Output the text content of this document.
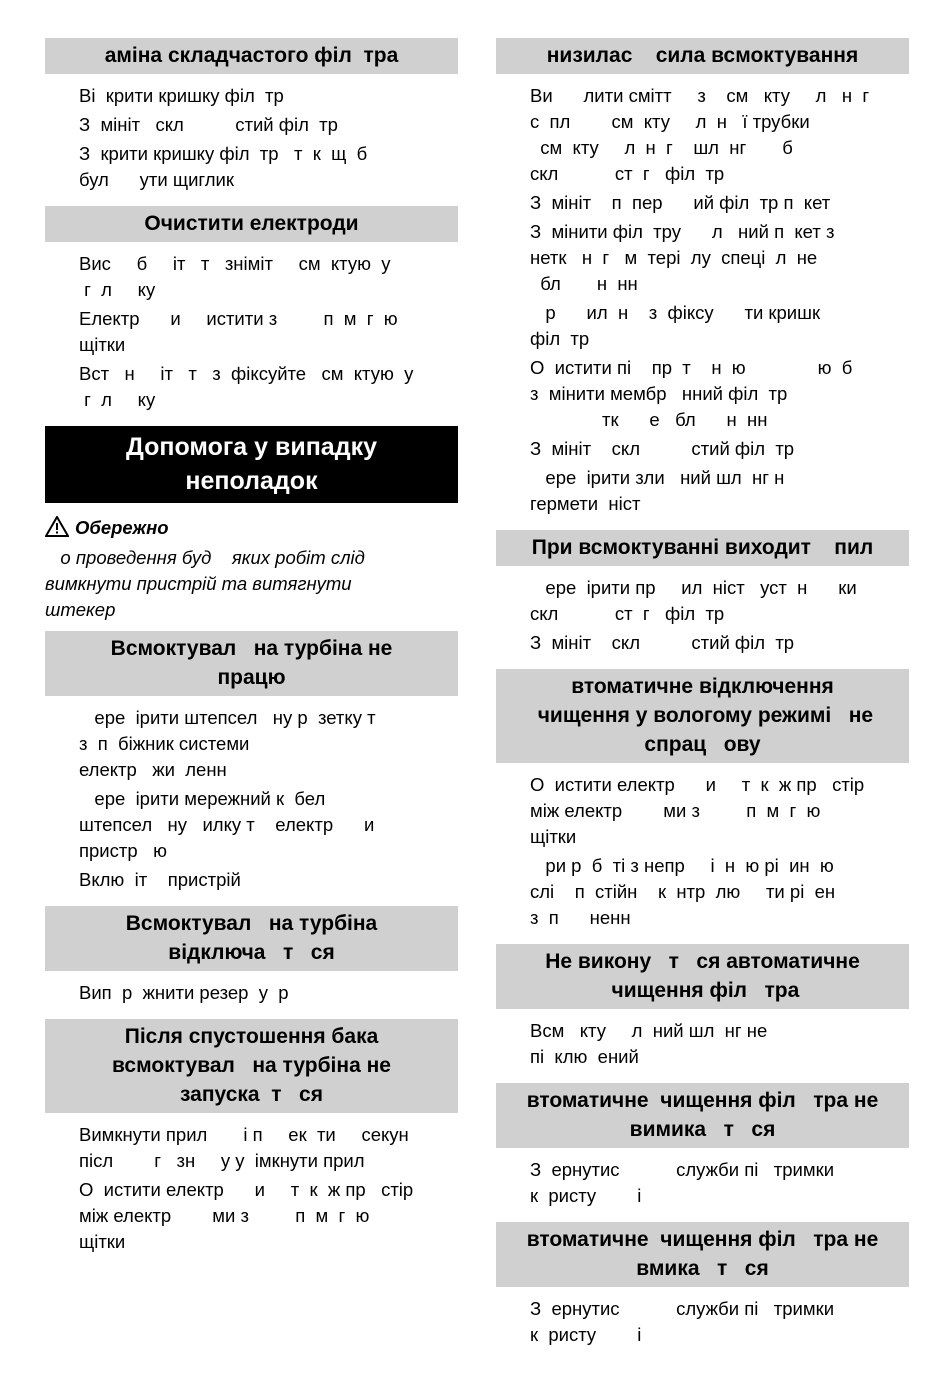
аміна складчастого філ  тра
Ві  крити кришку філ  тр
З  мініт   скл          стий філ  тр
З  крити кришку філ  тр   т  к  щ  б
бул      ути щиглик
Очистити електроди
Вис     б     іт   т   зніміт     см  ктую  у
г  л     ку
Електр      и     истити з         п  м  г  ю
щітки
Вст   н     іт   т   з  фіксуйте   см  ктую  у
г  л     ку
Допомога у випадку
неполадок
Обережно
о проведення буд    яких робіт слід
вимкнути пристрій та витягнути
штекер
Всмоктувал   на турбіна не
працю
ере  ірити штепсел   ну р  зетку т
з  п  біжник системи
електр   жи  ленн
ере  ірити мережний к  бел
штепсел   ну   илку т    електр      и
пристр   ю
Вклю  іт    пристрій
Всмоктувал   на турбіна
відключа   т   ся
Вип  р  жнити резер  у  р
Після спустошення бака
всмоктувал   на турбіна не
запуска  т   ся
Вимкнути прил       і п     ек  ти     секун
післ        г   зн     у у  імкнути прил
О  истити електр      и     т  к  ж пр   стір
між електр        ми з         п  м  г  ю
щітки
низилас    сила всмоктування
Ви      лити смітт     з    см   кту     л   н  г
с  пл        см  кту     л  н   ї трубки
см  кту     л  н  г    шл  нг       б
скл           ст  г   філ  тр
З  мініт    п  пер      ий філ  тр п  кет
З  мінити філ  тру      л   ний п  кет з
нетк   н  г   м  тері  лу  спеці  л  не
бл       н  нн
р      ил  н    з  фіксу      ти кришк
філ  тр
О  истити пі    пр  т    н  ю              ю  б
з  мінити мембр   нний філ  тр
тк      е   бл      н  нн
З  мініт    скл          стий філ  тр
ере  ірити зли   ний шл  нг н
гермети  ніст
При всмоктуванні виходит    пил
ере  ірити пр     ил  ніст   уст  н      ки
скл           ст  г   філ  тр
З  мініт    скл          стий філ  тр
втоматичне відключення
чищення у вологому режимі   не
спрац   ову
О  истити електр      и     т  к  ж пр   стір
між електр        ми з         п  м  г  ю
щітки
ри р  б  ті з непр     і  н  ю рі  ин  ю
слі    п  стійн    к  нтр  лю     ти рі  ен
з  п      ненн
Не викону   т   ся автоматичне
чищення філ   тра
Всм   кту     л  ний шл  нг не
пі  клю  ений
втоматичне  чищення філ   тра не
вимика   т   ся
З  ернутис           служби пі   тримки
к  ристу        і
втоматичне  чищення філ   тра не
вмика   т   ся
З  ернутис           служби пі   тримки
к  ристу        і
